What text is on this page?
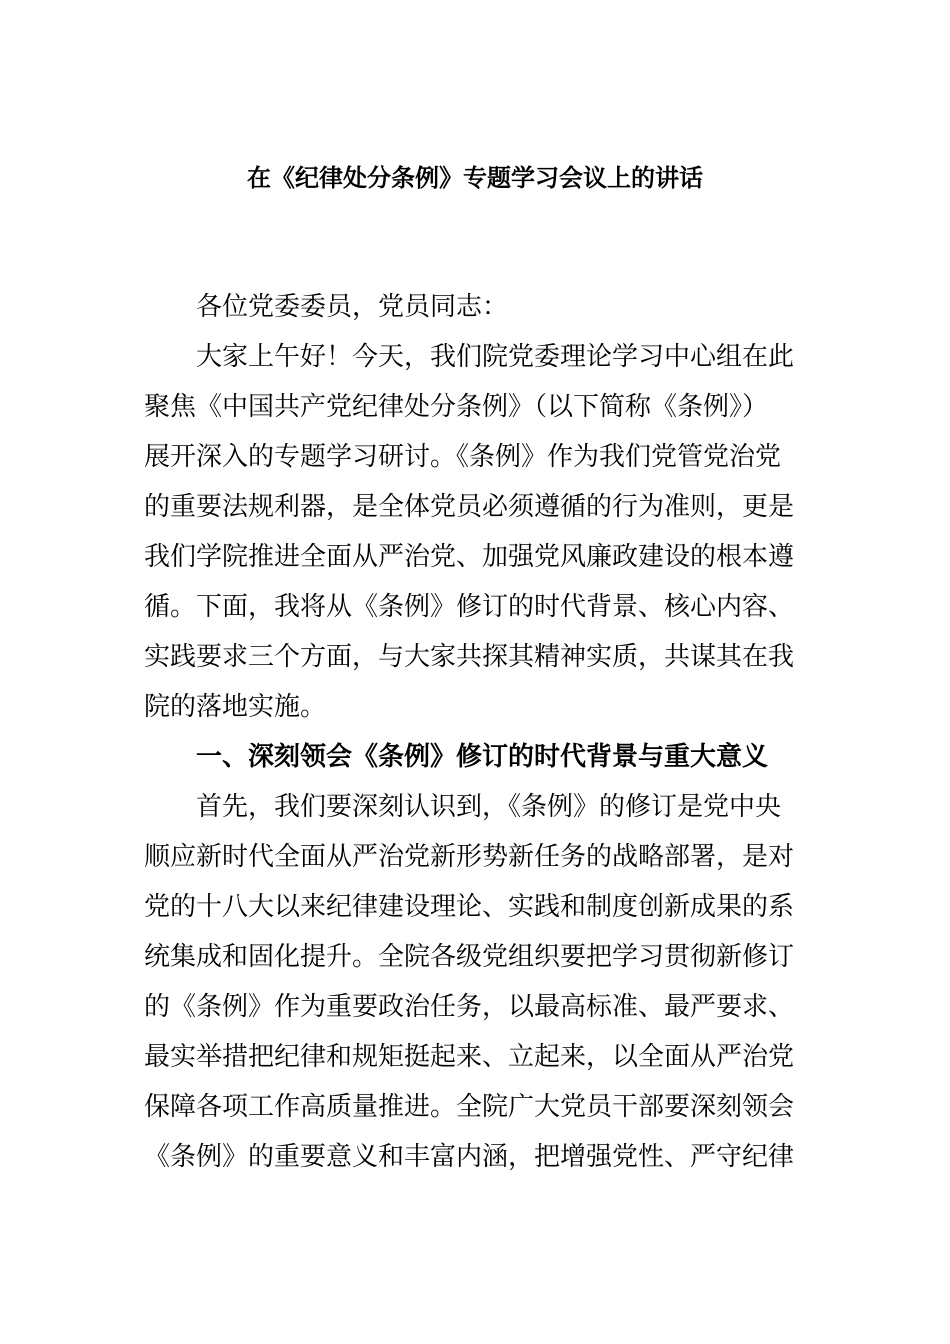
在《纪律处分条例》专题学习会议上的讲话

各位党委委员，党员同志：

大家上午好！今天，我们院党委理论学习中心组在此
聚焦《中国共产党纪律处分条例》（以下简称《条例》）
展开深入的专题学习研讨。《条例》作为我们党管党治党
的重要法规利器，是全体党员必须遵循的行为准则，更是
我们学院推进全面从严治党、加强党风廉政建设的根本遵
循。下面，我将从《条例》修订的时代背景、核心内容、
实践要求三个方面，与大家共探其精神实质，共谋其在我
院的落地实施。

一、深刻领会《条例》修订的时代背景与重大意义

首先，我们要深刻认识到，《条例》的修订是党中央
顺应新时代全面从严治党新形势新任务的战略部署，是对
党的十八大以来纪律建设理论、实践和制度创新成果的系
统集成和固化提升。全院各级党组织要把学习贯彻新修订
的《条例》作为重要政治任务，以最高标准、最严要求、
最实举措把纪律和规矩挺起来、立起来，以全面从严治党
保障各项工作高质量推进。全院广大党员干部要深刻领会
《条例》的重要意义和丰富内涵，把增强党性、严守纪律
